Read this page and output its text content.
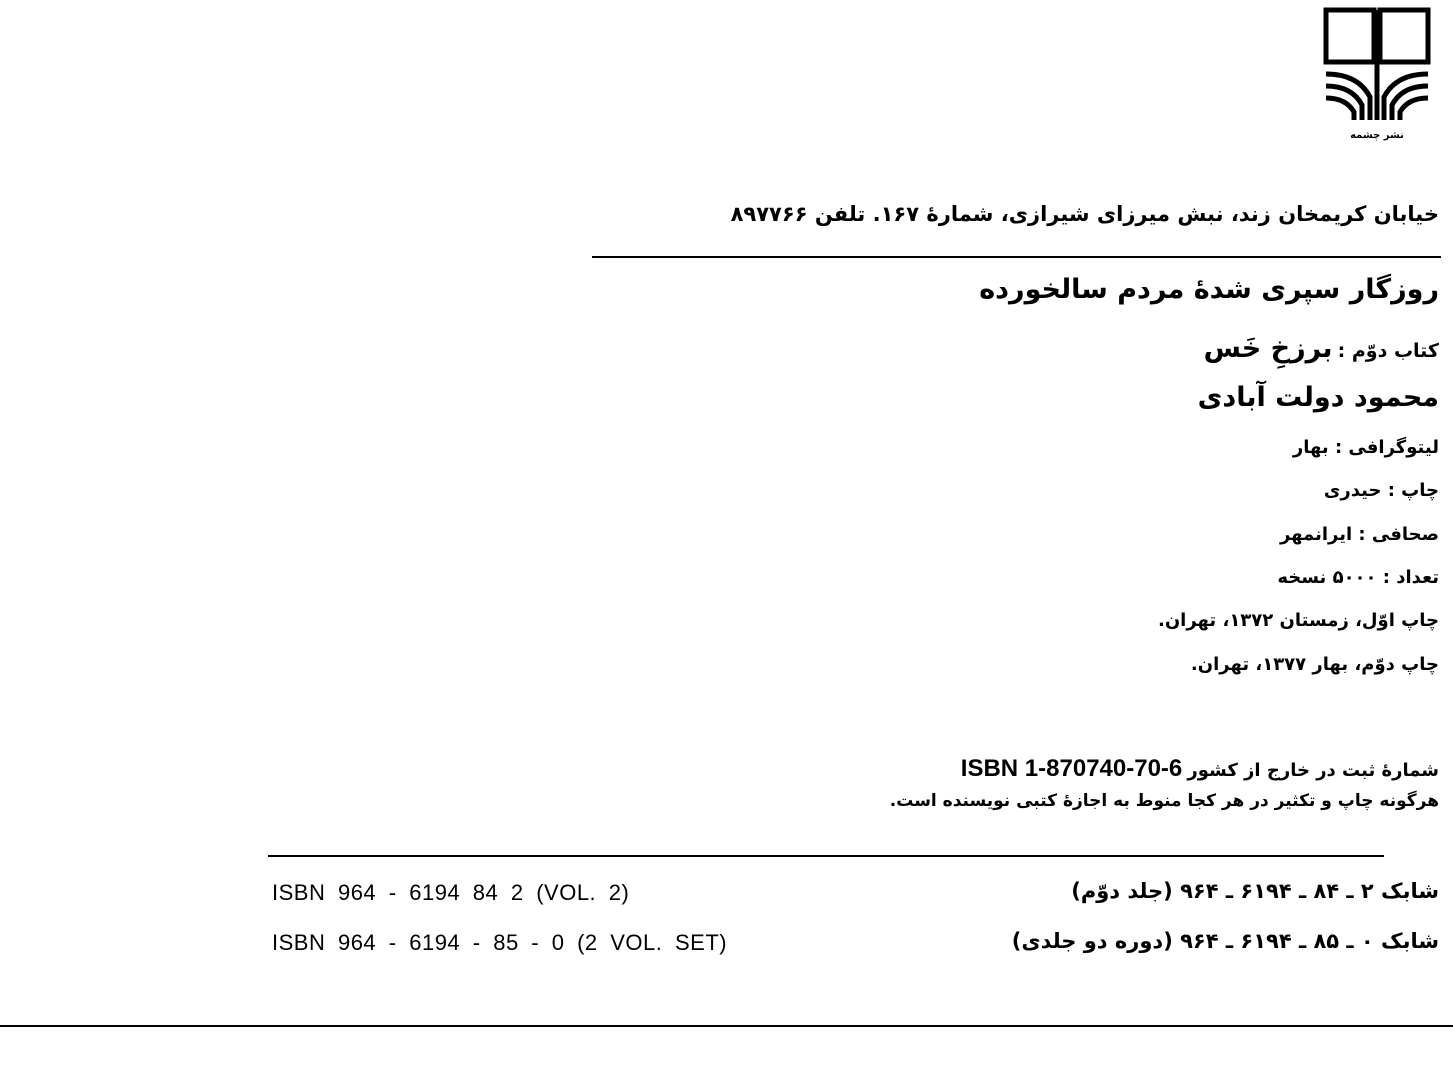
نشر چشمه
خیابان کریمخان زند، نبش میرزای شیرازی، شمارهٔ ۱۶۷. تلفن ۸۹۷۷۶۶
روزگار سپری شدهٔ مردم سالخورده
کتاب دوّم : برزخِ خَس
محمود دولت آبادی
لیتوگرافی : بهار
چاپ : حیدری
صحافی : ایرانمهر
تعداد : ۵۰۰۰ نسخه
چاپ اوّل، زمستان ۱۳۷۲، تهران.
چاپ دوّم، بهار ۱۳۷۷، تهران.
شمارهٔ ثبت در خارج از کشور ISBN 1-870740-70-6
هرگونه چاپ و تکثیر در هر کجا منوط به اجازهٔ کتبی نویسنده است.
ISBN 964 - 6194 84 2 (VOL. 2)
ISBN 964 - 6194 - 85 - 0 (2 VOL. SET)
شابک ۲ ـ ۸۴ ـ ۶۱۹۴ ـ ۹۶۴ (جلد دوّم)
شابک ۰ ـ ۸۵ ـ ۶۱۹۴ ـ ۹۶۴ (دوره دو جلدی)
